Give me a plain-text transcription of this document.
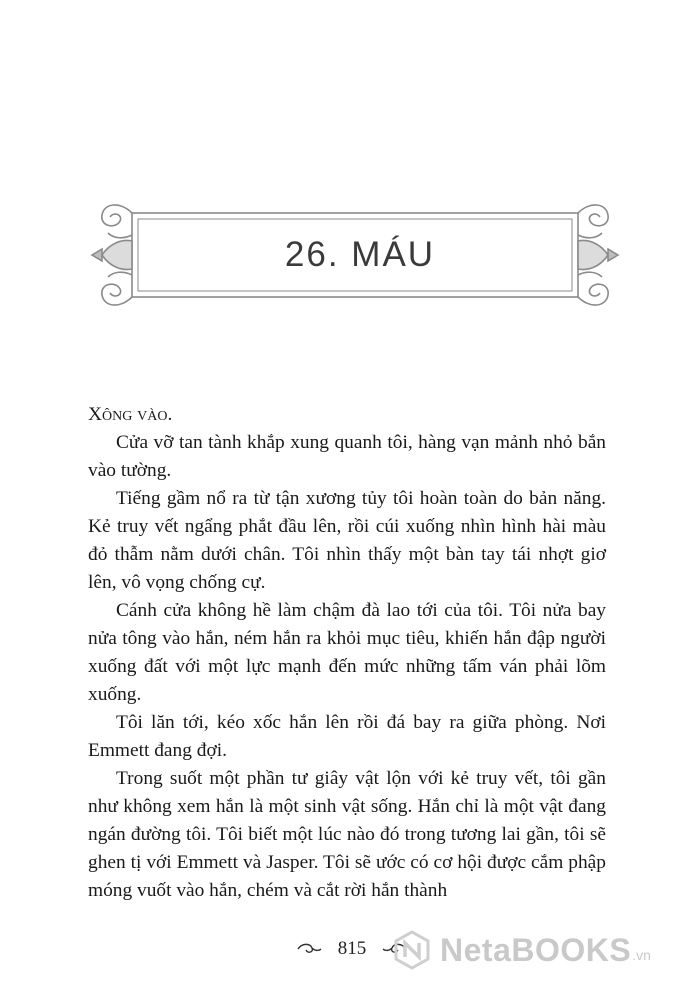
26. MÁU

Xông vào.

Cửa vỡ tan tành khắp xung quanh tôi, hàng vạn mảnh nhỏ bắn vào tường.

Tiếng gầm nổ ra từ tận xương tủy tôi hoàn toàn do bản năng. Kẻ truy vết ngẩng phắt đầu lên, rồi cúi xuống nhìn hình hài màu đỏ thẫm nằm dưới chân. Tôi nhìn thấy một bàn tay tái nhợt giơ lên, vô vọng chống cự.

Cánh cửa không hề làm chậm đà lao tới của tôi. Tôi nửa bay nửa tông vào hắn, ném hắn ra khỏi mục tiêu, khiến hắn đập người xuống đất với một lực mạnh đến mức những tấm ván phải lõm xuống.

Tôi lăn tới, kéo xốc hắn lên rồi đá bay ra giữa phòng. Nơi Emmett đang đợi.

Trong suốt một phần tư giây vật lộn với kẻ truy vết, tôi gần như không xem hắn là một sinh vật sống. Hắn chỉ là một vật đang ngán đường tôi. Tôi biết một lúc nào đó trong tương lai gần, tôi sẽ ghen tị với Emmett và Jasper. Tôi sẽ ước có cơ hội được cắm phập móng vuốt vào hắn, chém và cắt rời hắn thành

815	NetaBOOKS .vn
